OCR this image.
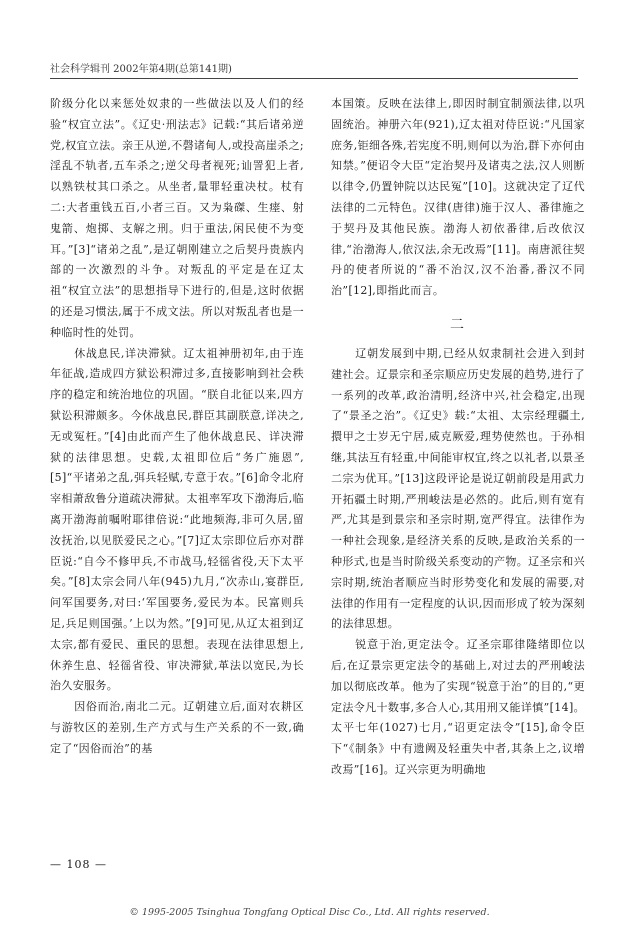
社会科学辑刊 2002年第4期(总第141期)

阶级分化以来惩处奴隶的一些做法以及人们的经验“权宜立法”。《辽史·刑法志》记载:“其后诸弟逆党,权宜立法。亲王从逆,不磬诸甸人,或投高崖杀之;淫乱不轨者,五车杀之;逆父母者视死;讪詈犯上者,以熟铁杖其口杀之。从坐者,量罪轻重决杖。杖有二:大者重钱五百,小者三百。又为枭磔、生瘗、射鬼箭、炮掷、支解之刑。归于重法,闲民使不为变耳。”[3]“诸弟之乱”,是辽朝刚建立之后契丹贵族内部的一次激烈的斗争。对叛乱的平定是在辽太祖“权宜立法”的思想指导下进行的,但是,这时依据的还是习惯法,属于不成文法。所以对叛乱者也是一种临时性的处罚。

休战息民,详决滞狱。辽太祖神册初年,由于连年征战,造成四方狱讼积滞过多,直接影响到社会秩序的稳定和统治地位的巩固。“朕自北征以来,四方狱讼积滞颇多。今休战息民,群臣其副朕意,详决之,无或冤枉。”[4]由此而产生了他休战息民、详决滞狱的法律思想。史载,太祖即位后“务广施恩”,[5]“平诸弟之乱,弭兵轻赋,专意于农。”[6]命令北府宰相萧敌鲁分道疏决滞狱。太祖率军攻下渤海后,临离开渤海前嘱咐耶律倍说:“此地频海,非可久居,留汝抚治,以见朕爱民之心。”[7]辽太宗即位后亦对群臣说:“自今不修甲兵,不市战马,轻徭省役,天下太平矣。”[8]太宗会同八年(945)九月,“次赤山,宴群臣,问军国要务,对曰:‘军国要务,爱民为本。民富则兵足,兵足则国强。’上以为然。”[9]可见,从辽太祖到辽太宗,都有爱民、重民的思想。表现在法律思想上,休养生息、轻徭省役、审决滞狱,革法以宽民,为长治久安服务。

因俗而治,南北二元。辽朝建立后,面对农耕区与游牧区的差别,生产方式与生产关系的不一致,确定了“因俗而治”的基

本国策。反映在法律上,即因时制宜制颁法律,以巩固统治。神册六年(921),辽太祖对侍臣说:“凡国家庶务,钜细各殊,若宪度不明,则何以为治,群下亦何由知禁。”便诏令大臣“定治契丹及诸夷之法,汉人则断以律令,仍置钟院以达民冤”[10]。这就决定了辽代法律的二元特色。汉律(唐律)施于汉人、番律施之于契丹及其他民族。渤海人初依番律,后改依汉律,“治渤海人,依汉法,余无改焉”[11]。南唐派往契丹的使者所说的“番不治汉,汉不治番,番汉不同治”[12],即指此而言。

二

辽朝发展到中期,已经从奴隶制社会进入到封建社会。辽景宗和圣宗顺应历史发展的趋势,进行了一系列的改革,政治清明,经济中兴,社会稳定,出现了“景圣之治”。《辽史》载:“太祖、太宗经理疆土,擐甲之士岁无宁居,威克厥爱,理势使然也。于孙相继,其法互有轻重,中间能审权宜,终之以礼者,以景圣二宗为优耳。”[13]这段评论是说辽朝前段是用武力开拓疆土时期,严刑峻法是必然的。此后,则有宽有严,尤其是到景宗和圣宗时期,宽严得宜。法律作为一种社会现象,是经济关系的反映,是政治关系的一种形式,也是当时阶级关系变动的产物。辽圣宗和兴宗时期,统治者顺应当时形势变化和发展的需要,对法律的作用有一定程度的认识,因而形成了较为深刻的法律思想。

锐意于治,更定法令。辽圣宗耶律隆绪即位以后,在辽景宗更定法令的基础上,对过去的严刑峻法加以彻底改革。他为了实现“锐意于治”的目的,“更定法令凡十数事,多合人心,其用刑又能详慎”[14]。太平七年(1027)七月,“诏更定法令”[15],命令臣下“《制条》中有遗阙及轻重失中者,其条上之,议增改焉”[16]。辽兴宗更为明确地

— 108 —
© 1995-2005 Tsinghua Tongfang Optical Disc Co., Ltd. All rights reserved.
